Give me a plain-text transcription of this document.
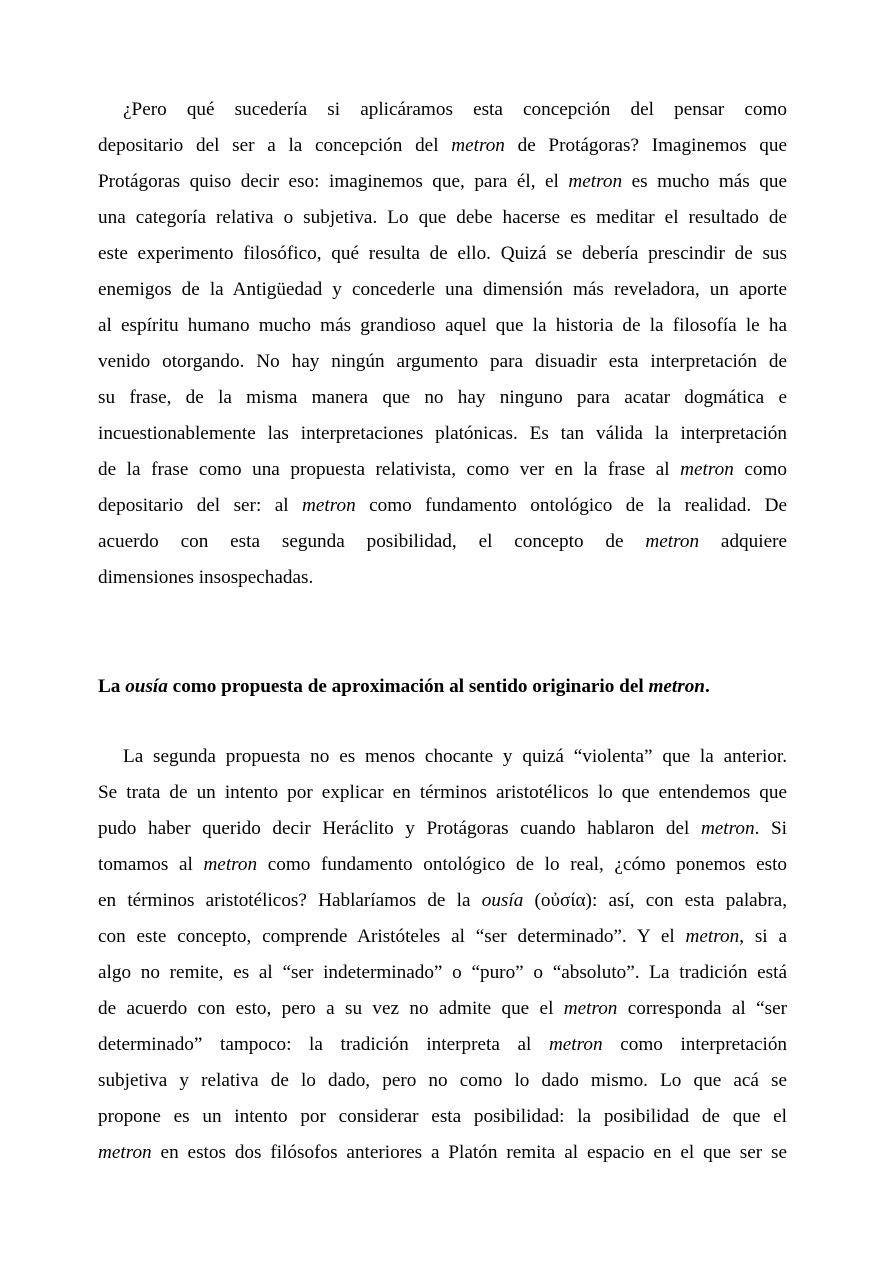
¿Pero qué sucedería si aplicáramos esta concepción del pensar como
depositario del ser a la concepción del metron de Protágoras? Imaginemos que
Protágoras quiso decir eso: imaginemos que, para él, el metron es mucho más que
una categoría relativa o subjetiva. Lo que debe hacerse es meditar el resultado de
este experimento filosófico, qué resulta de ello. Quizá se debería prescindir de sus
enemigos de la Antigüedad y concederle una dimensión más reveladora, un aporte
al espíritu humano mucho más grandioso aquel que la historia de la filosofía le ha
venido otorgando. No hay ningún argumento para disuadir esta interpretación de
su frase, de la misma manera que no hay ninguno para acatar dogmática e
incuestionablemente las interpretaciones platónicas. Es tan válida la interpretación
de la frase como una propuesta relativista, como ver en la frase al metron como
depositario del ser: al metron como fundamento ontológico de la realidad. De
acuerdo con esta segunda posibilidad, el concepto de metron adquiere
dimensiones insospechadas.
La ousía como propuesta de aproximación al sentido originario del metron.
La segunda propuesta no es menos chocante y quizá “violenta” que la anterior.
Se trata de un intento por explicar en términos aristotélicos lo que entendemos que
pudo haber querido decir Heráclito y Protágoras cuando hablaron del metron. Si
tomamos al metron como fundamento ontológico de lo real, ¿cómo ponemos esto
en términos aristotélicos? Hablaríamos de la ousía (οὐσία): así, con esta palabra,
con este concepto, comprende Aristóteles al “ser determinado”. Y el metron, si a
algo no remite, es al “ser indeterminado” o “puro” o “absoluto”. La tradición está
de acuerdo con esto, pero a su vez no admite que el metron corresponda al “ser
determinado” tampoco: la tradición interpreta al metron como interpretación
subjetiva y relativa de lo dado, pero no como lo dado mismo. Lo que acá se
propone es un intento por considerar esta posibilidad: la posibilidad de que el
metron en estos dos filósofos anteriores a Platón remita al espacio en el que ser se
